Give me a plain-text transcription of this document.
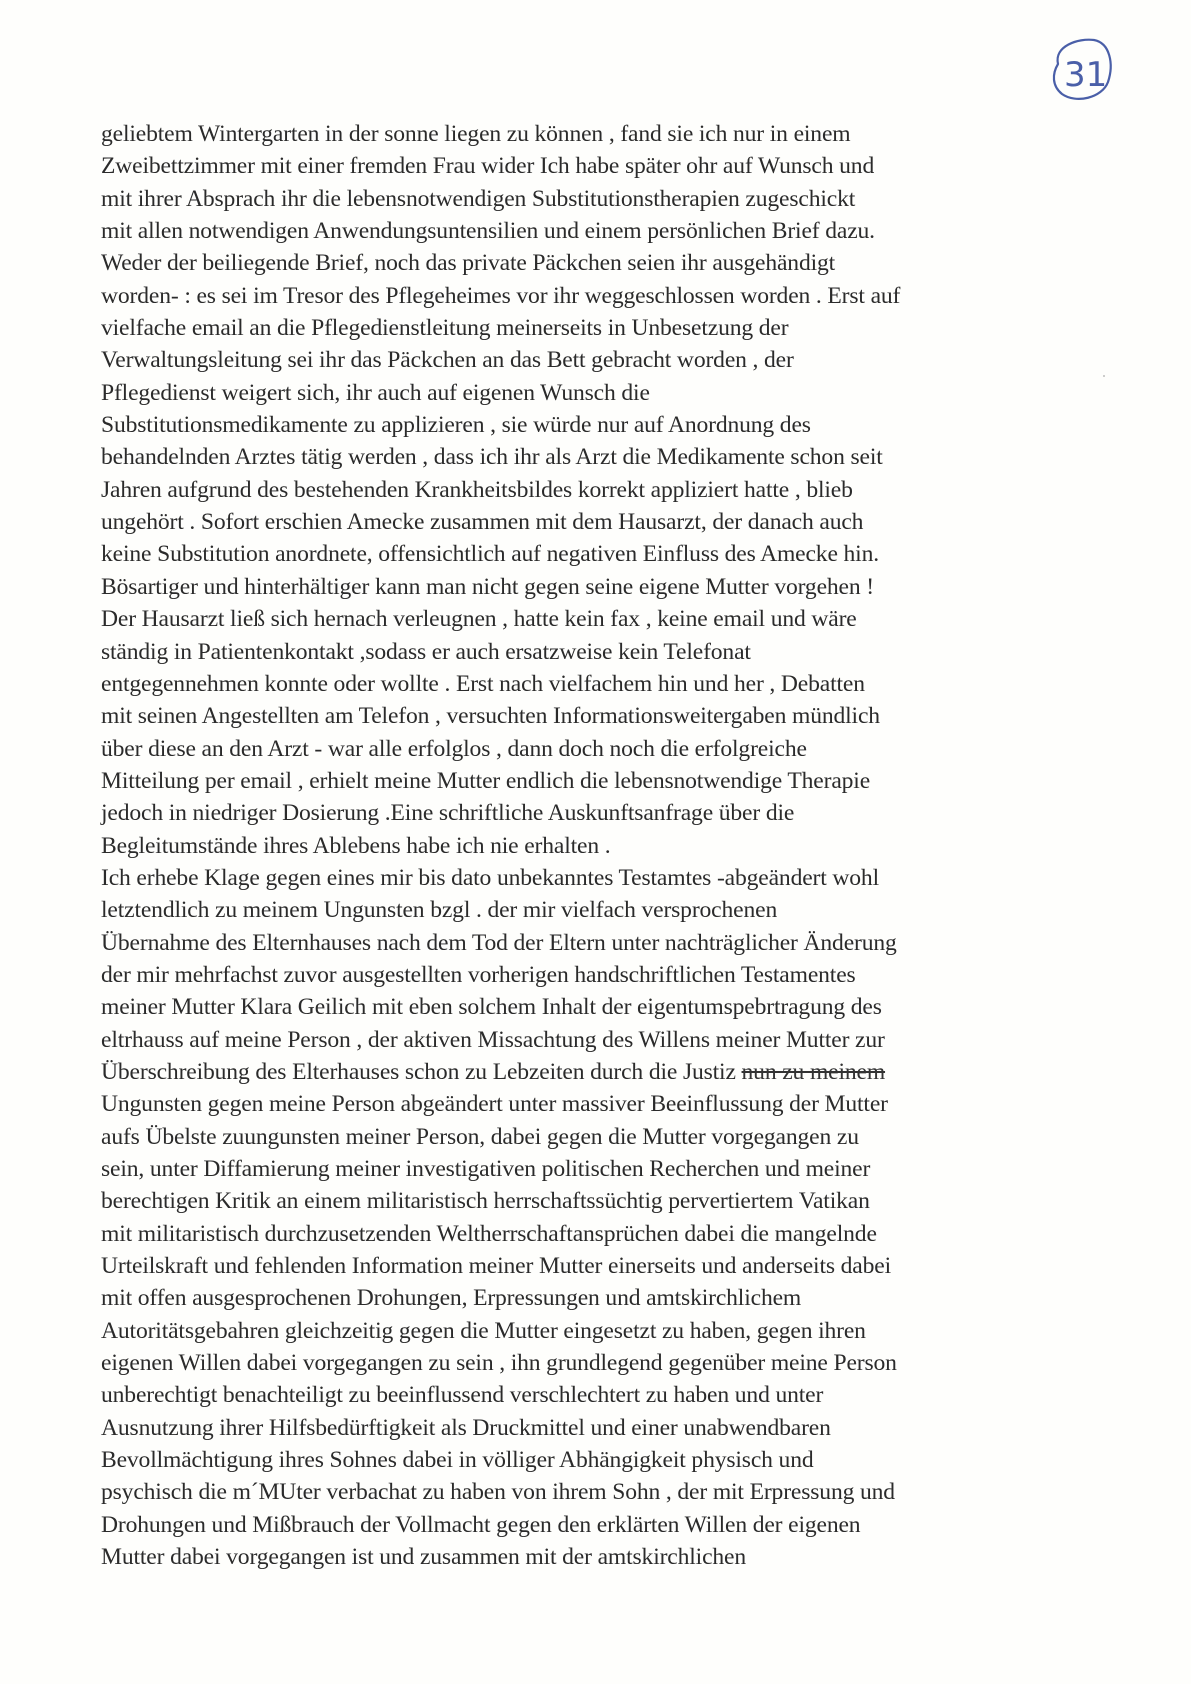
31
geliebtem Wintergarten in der sonne liegen zu können , fand sie ich nur in einem
Zweibettzimmer mit einer fremden Frau wider Ich habe später ohr auf Wunsch und
mit ihrer Absprach ihr die lebensnotwendigen Substitutionstherapien zugeschickt
mit allen notwendigen Anwendungsuntensilien und einem persönlichen Brief dazu.
Weder der beiliegende Brief, noch das private Päckchen seien ihr ausgehändigt
worden- : es sei im Tresor des Pflegeheimes vor ihr weggeschlossen worden . Erst auf
vielfache email an die Pflegedienstleitung meinerseits in Unbesetzung der
Verwaltungsleitung sei ihr das Päckchen an das Bett gebracht worden , der
Pflegedienst weigert sich, ihr auch auf eigenen Wunsch die
Substitutionsmedikamente zu applizieren , sie würde nur auf Anordnung des
behandelnden Arztes tätig werden , dass ich ihr als Arzt die Medikamente schon seit
Jahren aufgrund des bestehenden Krankheitsbildes korrekt appliziert hatte , blieb
ungehört . Sofort erschien Amecke zusammen mit dem Hausarzt, der danach auch
keine Substitution anordnete, offensichtlich auf negativen Einfluss des Amecke hin.
Bösartiger und hinterhältiger kann man nicht gegen seine eigene Mutter vorgehen !
Der Hausarzt ließ sich hernach verleugnen , hatte kein fax , keine email und wäre
ständig in Patientenkontakt ,sodass er auch ersatzweise kein Telefonat
entgegennehmen konnte oder wollte . Erst nach vielfachem hin und her , Debatten
mit seinen Angestellten am Telefon , versuchten Informationsweitergaben mündlich
über diese an den Arzt - war alle erfolglos , dann doch noch die erfolgreiche
Mitteilung per email , erhielt meine Mutter endlich die lebensnotwendige Therapie
jedoch in niedriger Dosierung .Eine schriftliche Auskunftsanfrage über die
Begleitumstände ihres Ablebens habe ich nie erhalten .
Ich erhebe Klage gegen eines mir bis dato unbekanntes Testamtes -abgeändert wohl
letztendlich zu meinem Ungunsten bzgl . der mir vielfach versprochenen
Übernahme des Elternhauses nach dem Tod der Eltern unter nachträglicher Änderung
der mir mehrfachst zuvor ausgestellten vorherigen handschriftlichen Testamentes
meiner Mutter Klara Geilich mit eben solchem Inhalt der eigentumspebrtragung des
eltrhauss auf meine Person , der aktiven Missachtung des Willens meiner Mutter zur
Überschreibung des Elterhauses schon zu Lebzeiten durch die Justiz nun zu meinem
Ungunsten gegen meine Person abgeändert unter massiver Beeinflussung der Mutter
aufs Übelste zuungunsten meiner Person, dabei gegen die Mutter vorgegangen zu
sein, unter Diffamierung meiner investigativen politischen Recherchen und meiner
berechtigen Kritik an einem militaristisch herrschaftssüchtig pervertiertem Vatikan
mit militaristisch durchzusetzenden Weltherrschaftansprüchen dabei die mangelnde
Urteilskraft und fehlenden Information meiner Mutter einerseits und anderseits dabei
mit offen ausgesprochenen Drohungen, Erpressungen und amtskirchlichem
Autoritätsgebahren gleichzeitig gegen die Mutter eingesetzt zu haben, gegen ihren
eigenen Willen dabei vorgegangen zu sein , ihn grundlegend gegenüber meine Person
unberechtigt benachteiligt zu beeinflussend verschlechtert zu haben und unter
Ausnutzung ihrer Hilfsbedürftigkeit als Druckmittel und einer unabwendbaren
Bevollmächtigung ihres Sohnes dabei in völliger Abhängigkeit physisch und
psychisch die m´MUter verbachat zu haben von ihrem Sohn , der mit Erpressung und
Drohungen und Mißbrauch der Vollmacht gegen den erklärten Willen der eigenen
Mutter dabei vorgegangen ist und zusammen mit der amtskirchlichen
